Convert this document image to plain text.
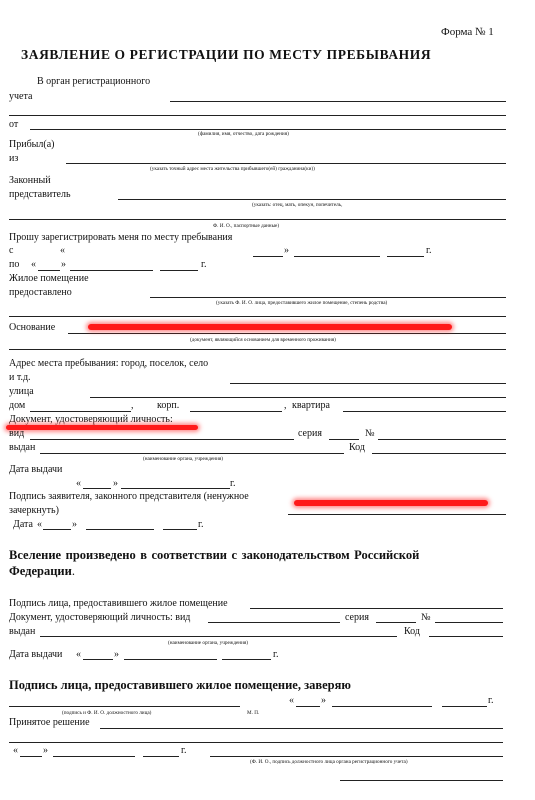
Форма № 1
ЗАЯВЛЕНИЕ О РЕГИСТРАЦИИ ПО МЕСТУ ПРЕБЫВАНИЯ
В орган регистрационного
учета
от
(фамилия, имя, отчество, дата рождения)
Прибыл(а)
из
(указать точный адрес места жительства прибывшего(ей) гражданина(ки))
Законный
представитель
(указать: отец, мать, опекун, попечитель,
Ф. И. О., паспортные данные)
Прошу зарегистрировать меня по месту пребывания
с	«	»	г.
по «	»	г.
Жилое помещение
предоставлено
(указать Ф. И. О. лица, предоставившего жилое помещение, степень родства)
Основание
(документ, являющийся основанием для временного проживания)
Адрес места пребывания: город, поселок, село
и т.д.
улица
дом	, корп.	, квартира
Документ, удостоверяющий личность:
вид	серия	№
выдан	Код
(наименование органа, учреждения)
Дата выдачи
«	»	г.
Подпись заявителя, законного представителя (ненужное
зачеркнуть)
Дата «	»	г.
Вселение произведено в соответствии с законодательством Российской
Федерации.
Подпись лица, предоставившего жилое помещение
Документ, удостоверяющий личность: вид	серия	№
выдан	Код
(наименование органа, учреждения)
Дата выдачи «	»	г.
Подпись лица, предоставившего жилое помещение, заверяю
«	»	г.
(подпись и Ф. И. О. должностного лица)	М. П.
Принятое решение
«	»	г.
(Ф. И. О., подпись должностного лица органа регистрационного учета)
